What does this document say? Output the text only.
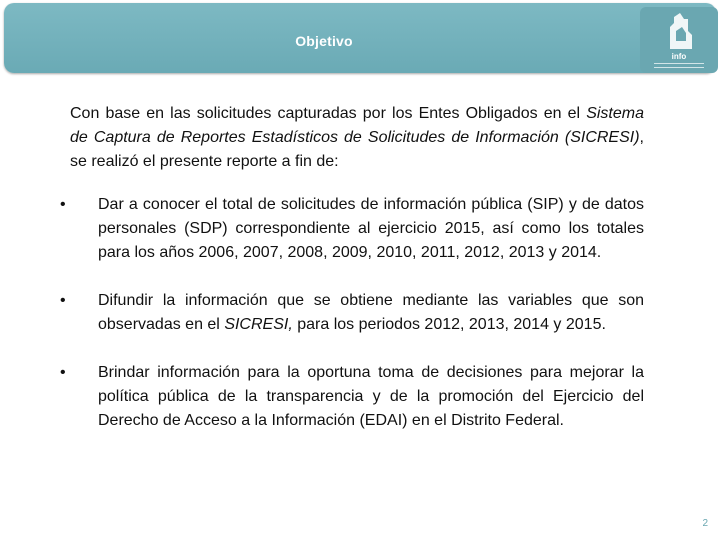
Objetivo
info

Con base en las solicitudes capturadas por los Entes Obligados en el Sistema de Captura de Reportes Estadísticos de Solicitudes de Información (SICRESI), se realizó el presente reporte a fin de:

• Dar a conocer el total de solicitudes de información pública (SIP) y de datos personales (SDP) correspondiente al ejercicio 2015, así como los totales para los años 2006, 2007, 2008, 2009, 2010, 2011, 2012, 2013 y 2014.
• Difundir la información que se obtiene mediante las variables que son observadas en el SICRESI, para los periodos 2012, 2013, 2014 y 2015.
• Brindar información para la oportuna toma de decisiones para mejorar la política pública de la transparencia y de la promoción del Ejercicio del Derecho de Acceso a la Información (EDAI) en el Distrito Federal.
2
